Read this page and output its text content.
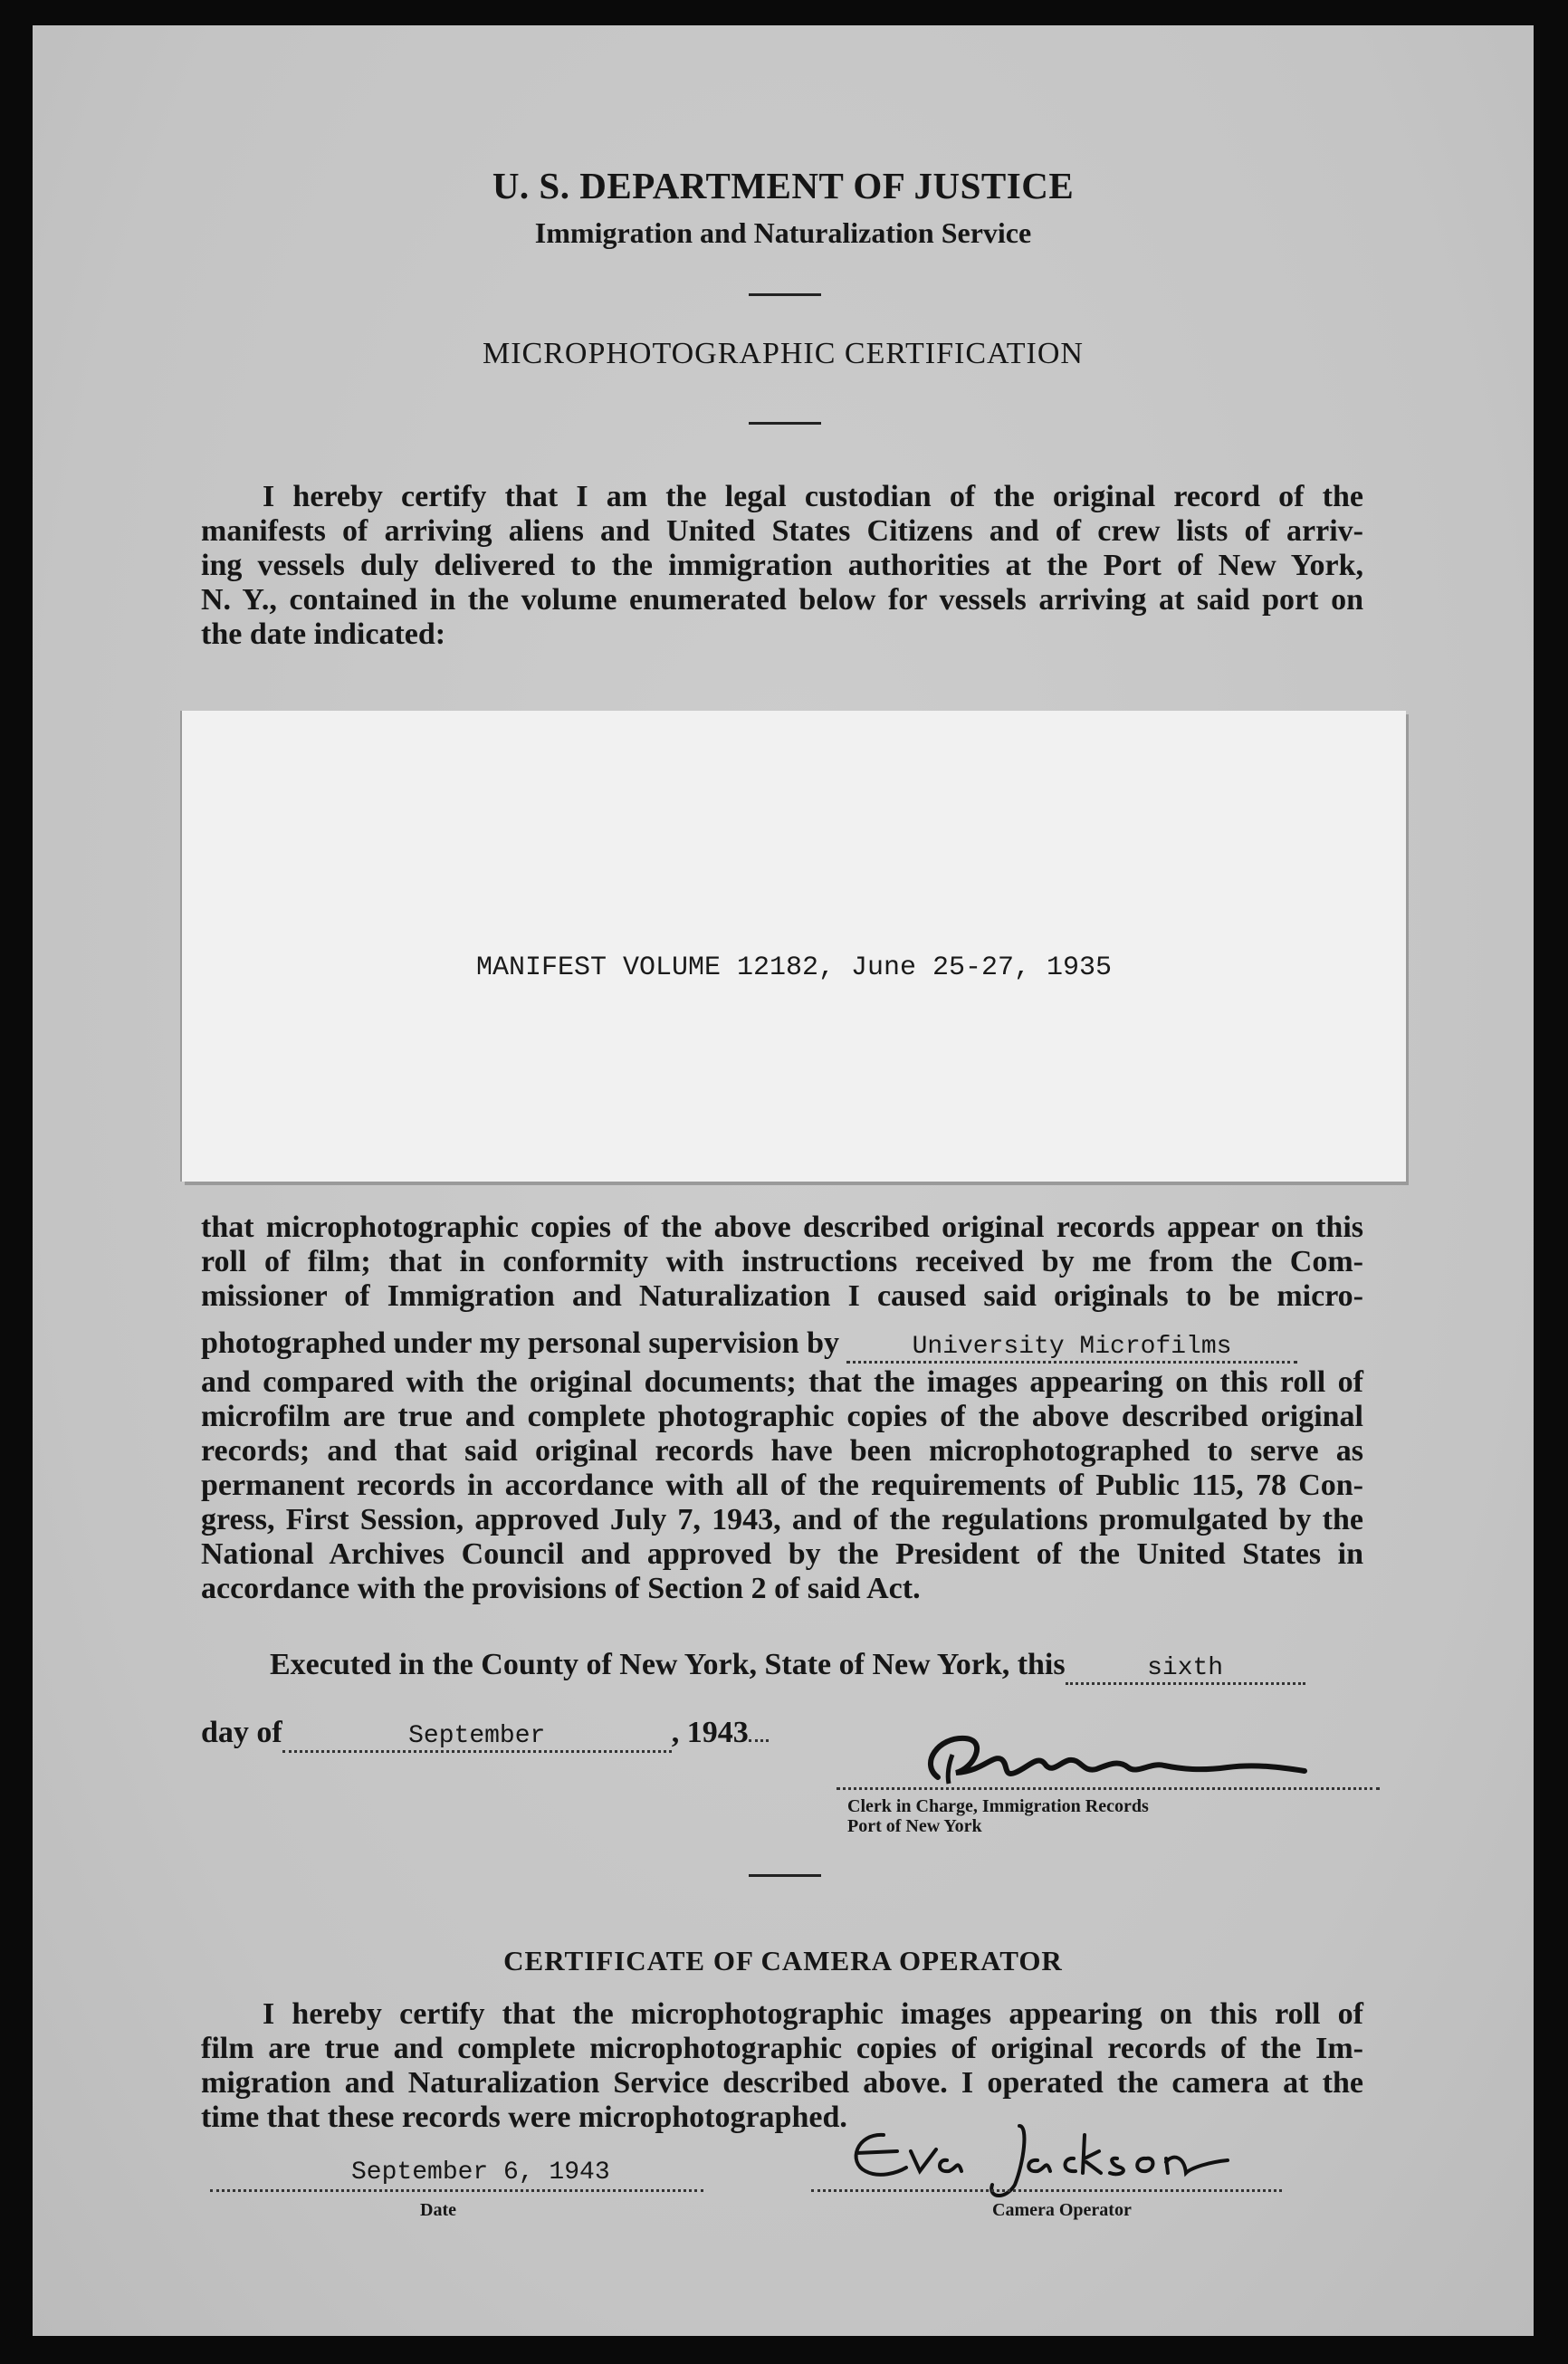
U. S. DEPARTMENT OF JUSTICE
Immigration and Naturalization Service
MICROPHOTOGRAPHIC CERTIFICATION
I hereby certify that I am the legal custodian of the original record of the
manifests of arriving aliens and United States Citizens and of crew lists of arriv-
ing vessels duly delivered to the immigration authorities at the Port of New York,
N. Y., contained in the volume enumerated below for vessels arriving at said port on
the date indicated:
MANIFEST VOLUME 12182, June 25-27, 1935
that microphotographic copies of the above described original records appear on this
roll of film; that in conformity with instructions received by me from the Com-
missioner of Immigration and Naturalization I caused said originals to be micro-
photographed under my personal supervision by	University Microfilms
and compared with the original documents; that the images appearing on this roll of
microfilm are true and complete photographic copies of the above described original
records; and that said original records have been microphotographed to serve as
permanent records in accordance with all of the requirements of Public 115, 78 Con-
gress, First Session, approved July 7, 1943, and of the regulations promulgated by the
National Archives Council and approved by the President of the United States in
accordance with the provisions of Section 2 of said Act.
Executed in the County of New York, State of New York, this	sixth
day of	September	, 1943
Clerk in Charge, Immigration Records
Port of New York
CERTIFICATE OF CAMERA OPERATOR
I hereby certify that the microphotographic images appearing on this roll of
film are true and complete microphotographic copies of original records of the Im-
migration and Naturalization Service described above. I operated the camera at the
time that these records were microphotographed.
September 6, 1943
Date	Camera Operator
